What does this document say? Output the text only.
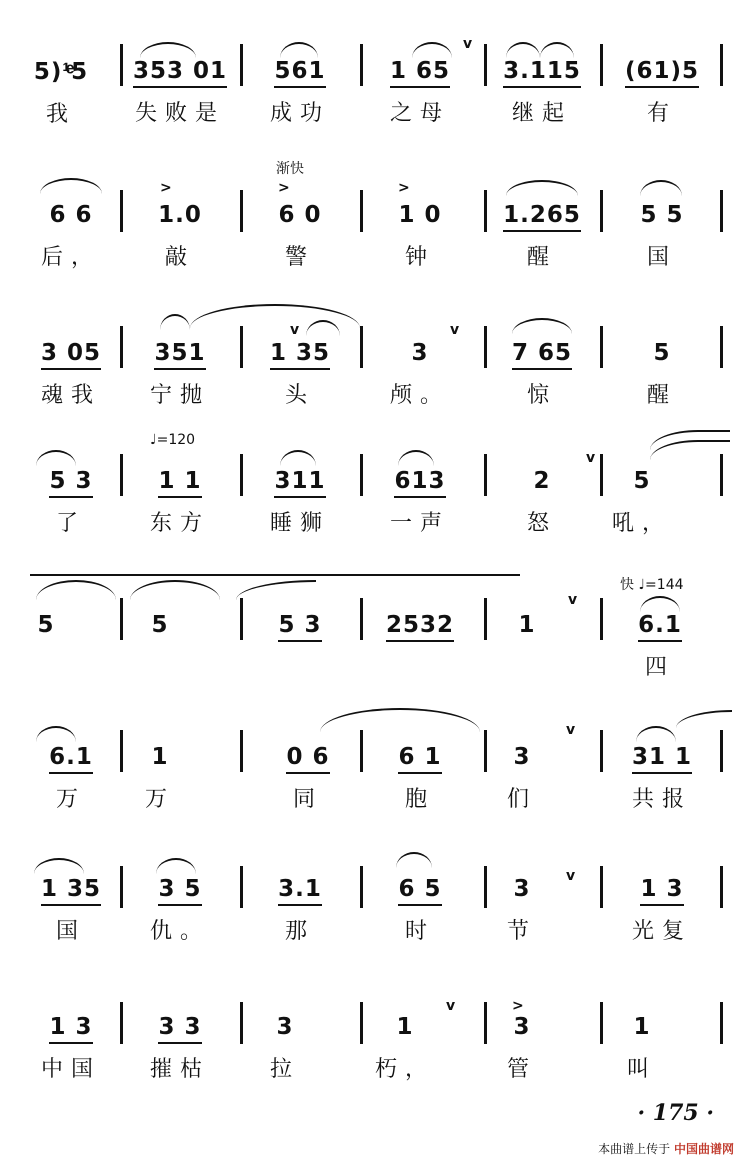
v
5)¹ͤ5
我
353 01
失败是
561
成功
1 65
之母
3.115
继起
(61)5
有
渐快
>	>	>
6 6
后，
1.0
敲
6 0
警
1 0
钟
1.265
醒
5 5
国
v	v
3 05
魂我
351
宁抛
1 35
头
3
颅。
7 65
惊
5
醒
♩=120
v
5 3
了
1 1
东方
311
睡狮
613
一声
2
怒
5
吼，
快 ♩=144
v
5	5	5 3	2532	1	6.1
四
v
6.1
万
1
万
0 6
同
6 1
胞
3
们
31 1
共报
v
1 35
国
3 5
仇。
3.1
那
6 5
时
3
节
1 3
光复
v	>
1 3
中国
3 3
摧枯
3
拉
1
朽，
3
管
1
叫
· 175 ·
本曲谱上传于 中国曲谱网
